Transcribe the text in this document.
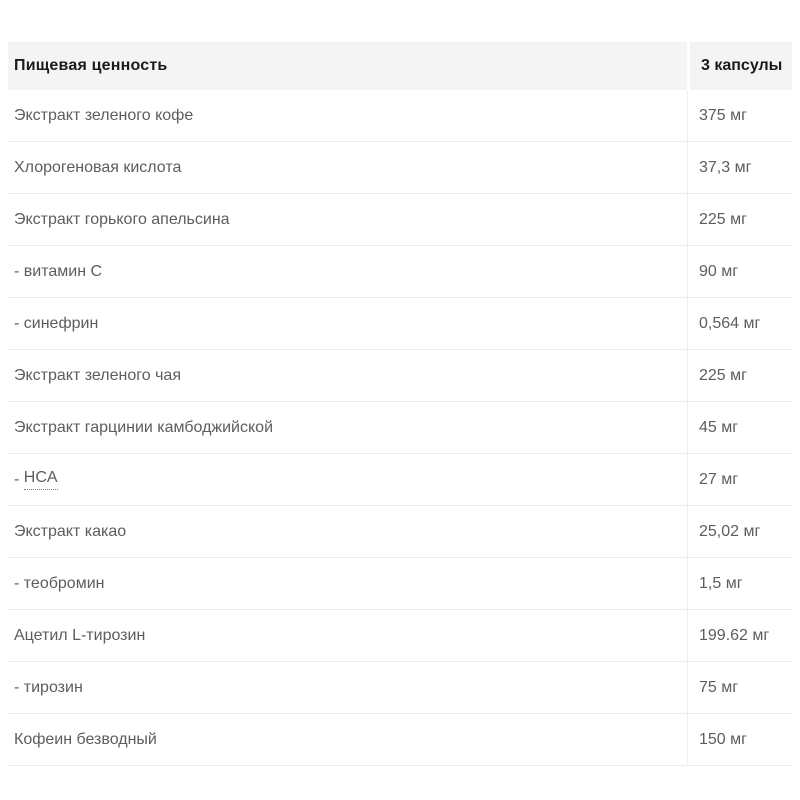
Пищевая ценность	3 капсулы
Экстракт зеленого кофе	375 мг
Хлорогеновая кислота	37,3 мг
Экстракт горького апельсина	225 мг
- витамин C	90 мг
- синефрин	0,564 мг
Экстракт зеленого чая	225 мг
Экстракт гарцинии камбоджийской	45 мг
- HCA	27 мг
Экстракт какао	25,02 мг
- теобромин	1,5 мг
Ацетил L-тирозин	199.62 мг
- тирозин	75 мг
Кофеин безводный	150 мг
